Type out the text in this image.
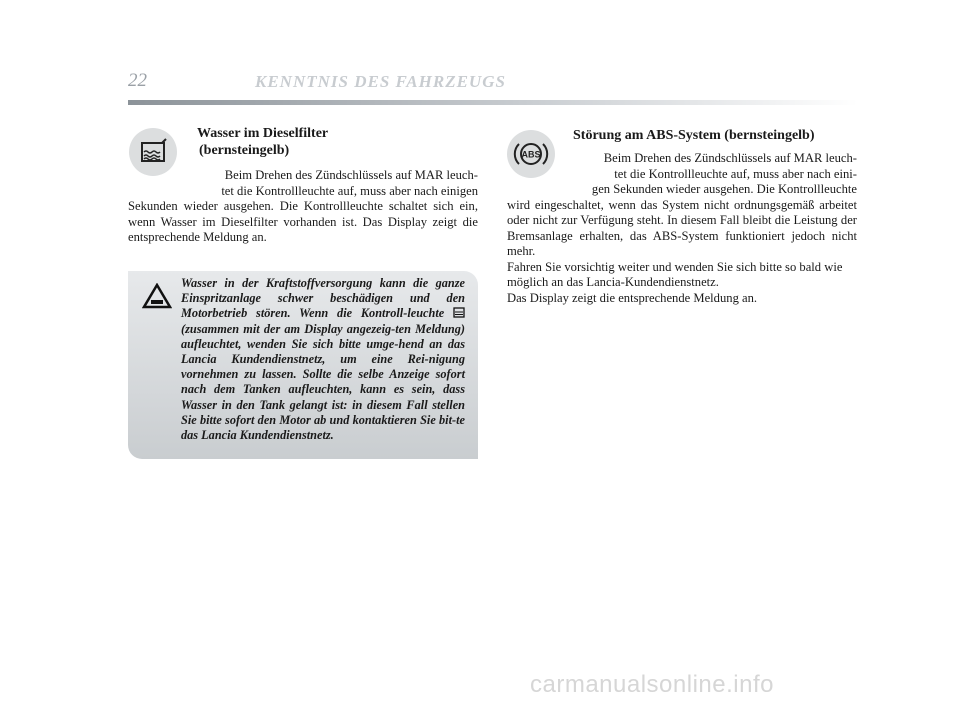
22	KENNTNIS DES FAHRZEUGS
Wasser im Dieselfilter
(bernsteingelb)

Beim Drehen des Zündschlüssels auf MAR leuch-

tet die Kontrollleuchte auf, muss aber nach einigen

Sekunden wieder ausgehen. Die Kontrollleuchte schaltet sich ein, wenn Wasser im Dieselfilter vorhanden ist. Das Display zeigt die entsprechende Meldung an.

Wasser in der Kraftstoffversorgung kann die ganze Einspritzanlage schwer beschädigen und den Motorbetrieb stören. Wenn die Kontroll-leuchte  (zusammen mit der am Display angezeig-ten Meldung) aufleuchtet, wenden Sie sich bitte umge-hend an das Lancia Kundendienstnetz, um eine Rei-nigung vornehmen zu lassen. Sollte die selbe Anzeige sofort nach dem Tanken aufleuchten, kann es sein, dass Wasser in den Tank gelangt ist: in diesem Fall stellen Sie bitte sofort den Motor ab und kontaktieren Sie bit-te das Lancia Kundendienstnetz.
ABS
Störung am ABS-System (bernsteingelb)

Beim Drehen des Zündschlüssels auf MAR leuch-

tet die Kontrollleuchte auf, muss aber nach eini-

gen Sekunden wieder ausgehen. Die Kontrollleuchte

wird eingeschaltet, wenn das System nicht ordnungsgemäß arbeitet oder nicht zur Verfügung steht. In diesem Fall bleibt die Leistung der Bremsanlage erhalten, das ABS-System funktioniert jedoch nicht mehr.

Fahren Sie vorsichtig weiter und wenden Sie sich bitte so bald wie möglich an das Lancia-Kundendienstnetz.

Das Display zeigt die entsprechende Meldung an.

carmanualsonline.info
